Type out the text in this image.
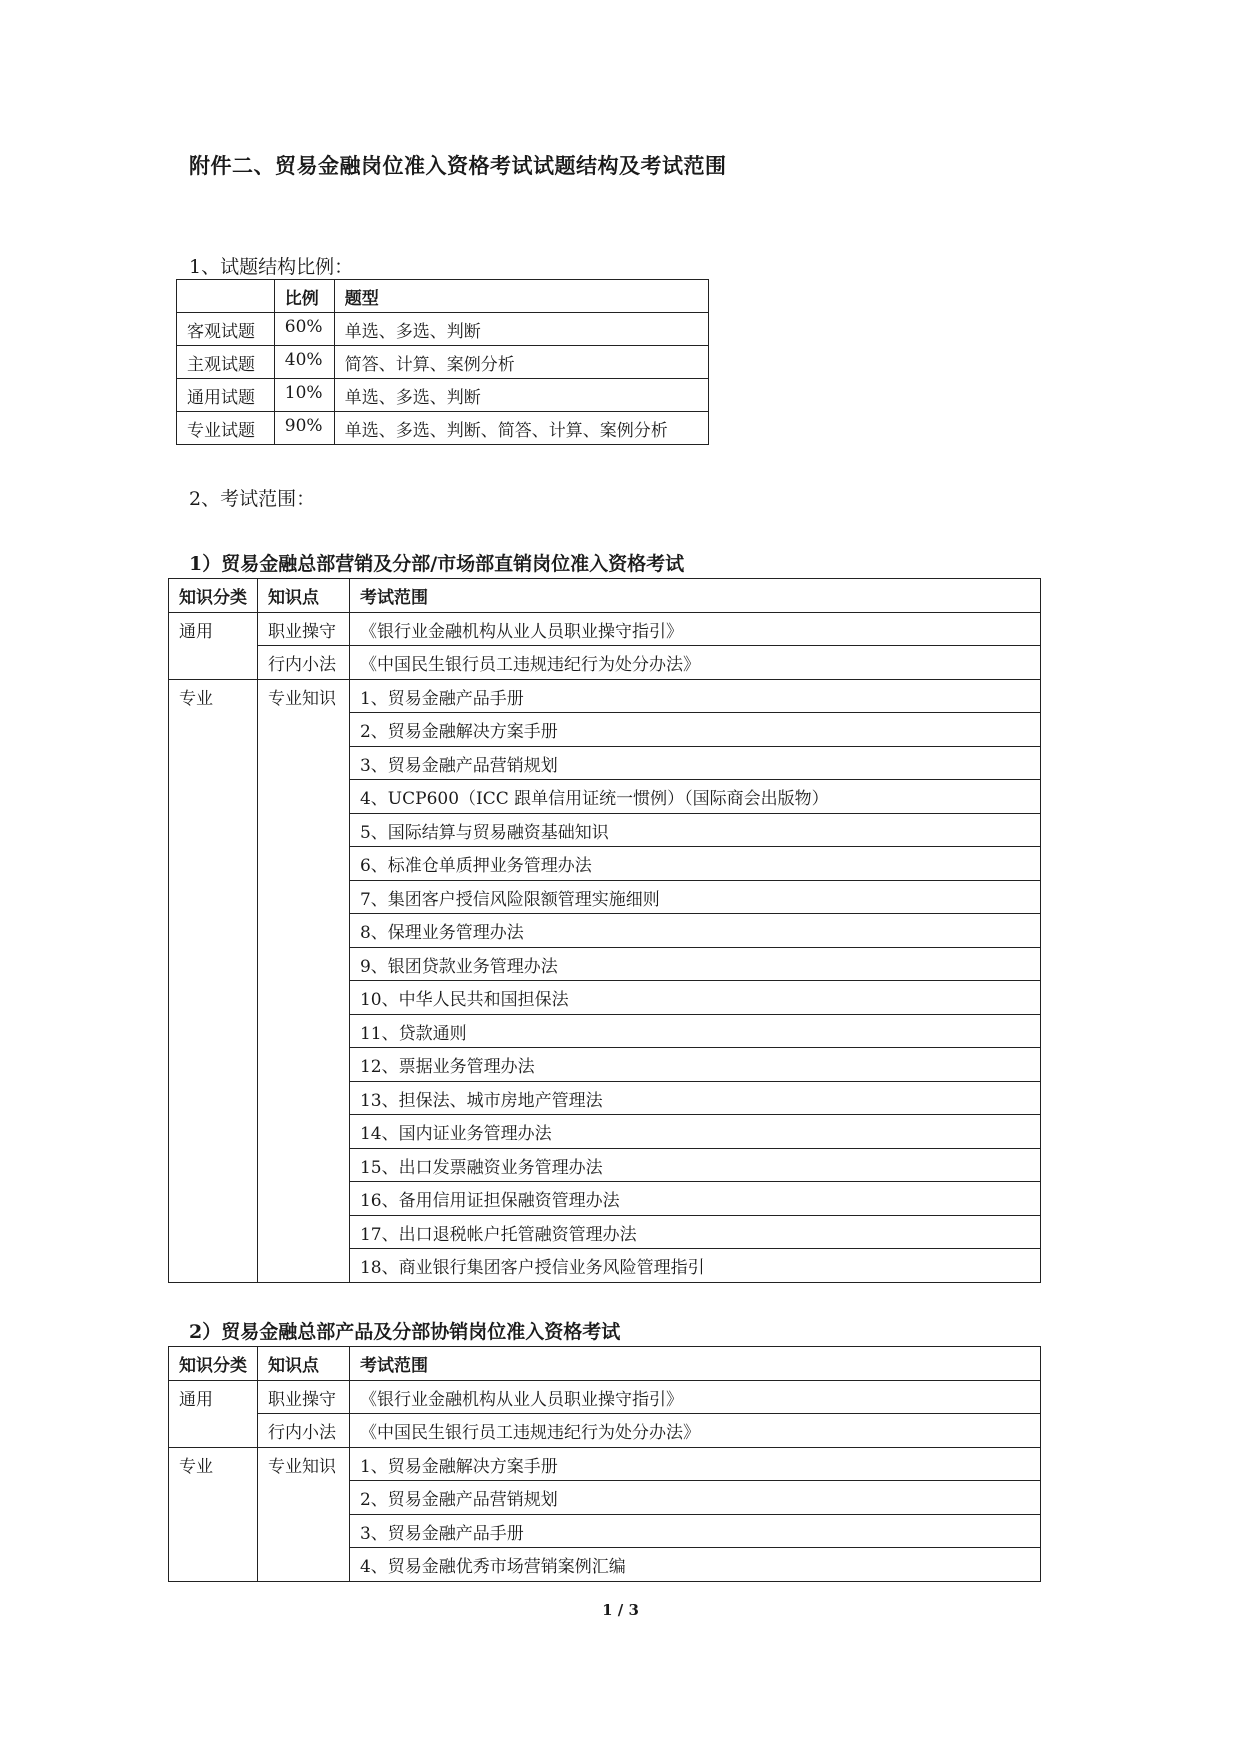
附件二、贸易金融岗位准入资格考试试题结构及考试范围
1、试题结构比例：
	比例	题型
客观试题	60%	单选、多选、判断
主观试题	40%	简答、计算、案例分析
通用试题	10%	单选、多选、判断
专业试题	90%	单选、多选、判断、简答、计算、案例分析
2、考试范围：
1）贸易金融总部营销及分部/市场部直销岗位准入资格考试
知识分类	知识点	考试范围
通用	职业操守	《银行业金融机构从业人员职业操守指引》
	行内小法	《中国民生银行员工违规违纪行为处分办法》
专业	专业知识	1、贸易金融产品手册
		2、贸易金融解决方案手册
		3、贸易金融产品营销规划
		4、UCP600（ICC 跟单信用证统一惯例）（国际商会出版物）
		5、国际结算与贸易融资基础知识
		6、标准仓单质押业务管理办法
		7、集团客户授信风险限额管理实施细则
		8、保理业务管理办法
		9、银团贷款业务管理办法
		10、中华人民共和国担保法
		11、贷款通则
		12、票据业务管理办法
		13、担保法、城市房地产管理法
		14、国内证业务管理办法
		15、出口发票融资业务管理办法
		16、备用信用证担保融资管理办法
		17、出口退税帐户托管融资管理办法
		18、商业银行集团客户授信业务风险管理指引
2）贸易金融总部产品及分部协销岗位准入资格考试
知识分类	知识点	考试范围
通用	职业操守	《银行业金融机构从业人员职业操守指引》
	行内小法	《中国民生银行员工违规违纪行为处分办法》
专业	专业知识	1、贸易金融解决方案手册
		2、贸易金融产品营销规划
		3、贸易金融产品手册
		4、贸易金融优秀市场营销案例汇编
1 / 3
